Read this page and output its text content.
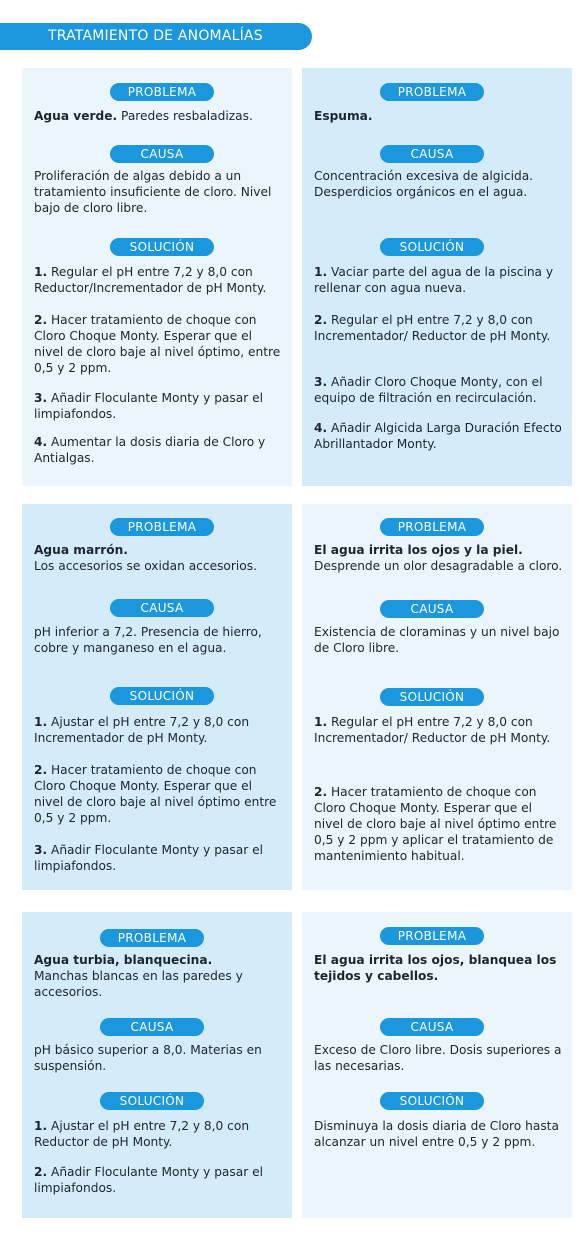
TRATAMIENTO DE ANOMALÍAS
PROBLEMA
Agua verde. Paredes resbaladizas.
CAUSA
Proliferación de algas debido a un tratamiento insuficiente de cloro. Nivel bajo de cloro libre.
SOLUCIÓN
1. Regular el pH entre 7,2 y 8,0 con Reductor/Incrementador de pH Monty.
2. Hacer tratamiento de choque con Cloro Choque Monty. Esperar que el nivel de cloro baje al nivel óptimo, entre 0,5 y 2 ppm.
3. Añadir Floculante Monty y pasar el limpiafondos.
4. Aumentar la dosis diaria de Cloro y Antialgas.
PROBLEMA
Espuma.
CAUSA
Concentración excesiva de algicida. Desperdicios orgánicos en el agua.
SOLUCIÓN
1. Vaciar parte del agua de la piscina y rellenar con agua nueva.
2. Regular el pH entre 7,2 y 8,0 con Incrementador/ Reductor de pH Monty.
3. Añadir Cloro Choque Monty, con el equipo de filtración en recirculación.
4. Añadir Algicida Larga Duración Efecto Abrillantador Monty.
PROBLEMA
Agua marrón.
Los accesorios se oxidan accesorios.
CAUSA
pH inferior a 7,2. Presencia de hierro, cobre y manganeso en el agua.
SOLUCIÓN
1. Ajustar el pH entre 7,2 y 8,0 con Incrementador de pH Monty.
2. Hacer tratamiento de choque con Cloro Choque Monty. Esperar que el nivel de cloro baje al nivel óptimo entre 0,5 y 2 ppm.
3. Añadir Floculante Monty y pasar el limpiafondos.
PROBLEMA
El agua irrita los ojos y la piel.
Desprende un olor desagradable a cloro.
CAUSA
Existencia de cloraminas y un nivel bajo de Cloro libre.
SOLUCIÓN
1. Regular el pH entre 7,2 y 8,0 con Incrementador/ Reductor de pH Monty.
2. Hacer tratamiento de choque con Cloro Choque Monty. Esperar que el nivel de cloro baje al nivel óptimo entre 0,5 y 2 ppm y aplicar el tratamiento de mantenimiento habitual.
PROBLEMA
Agua turbia, blanquecina.
Manchas blancas en las paredes y accesorios.
CAUSA
pH básico superior a 8,0. Materias en suspensión.
SOLUCIÓN
1. Ajustar el pH entre 7,2 y 8,0 con Reductor de pH Monty.
2. Añadir Floculante Monty y pasar el limpiafondos.
PROBLEMA
El agua irrita los ojos, blanquea los tejidos y cabellos.
CAUSA
Exceso de Cloro libre. Dosis superiores a las necesarias.
SOLUCIÓN
Disminuya la dosis diaria de Cloro hasta alcanzar un nivel entre 0,5 y 2 ppm.
